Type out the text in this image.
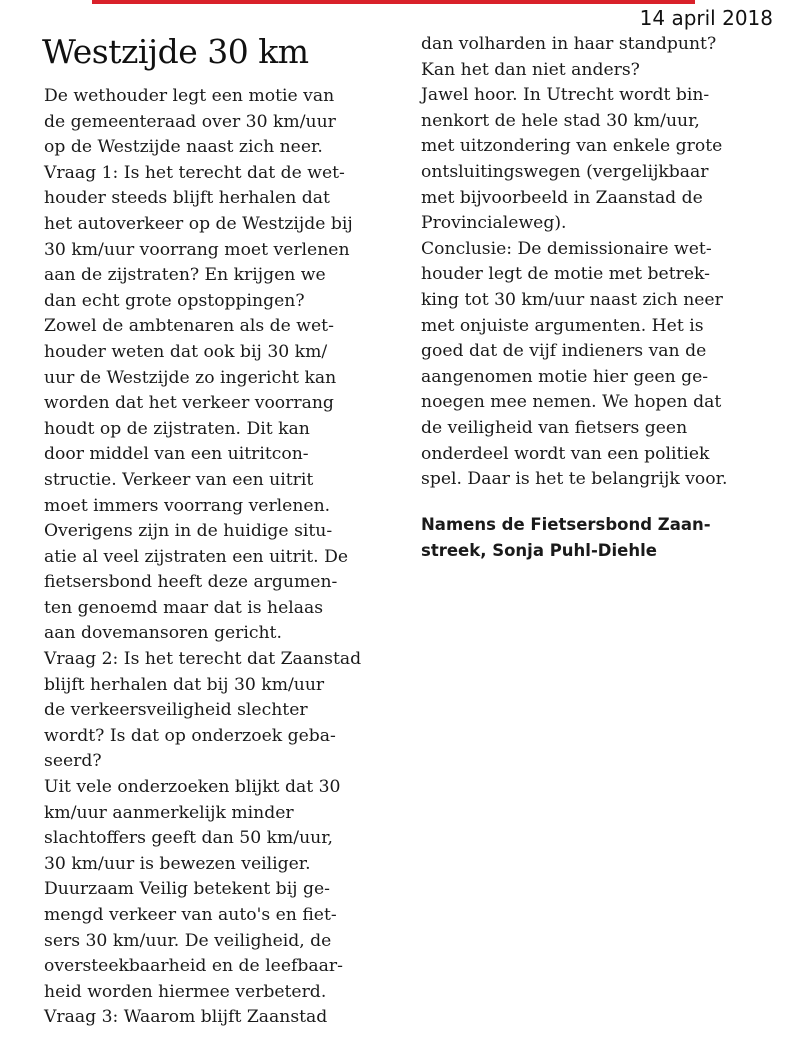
14 april 2018
Westzijde 30 km
De wethouder legt een motie van
de gemeenteraad over 30 km/uur
op de Westzijde naast zich neer.
Vraag 1: Is het terecht dat de wet-
houder steeds blijft herhalen dat
het autoverkeer op de Westzijde bij
30 km/uur voorrang moet verlenen
aan de zijstraten? En krijgen we
dan echt grote opstoppingen?
Zowel de ambtenaren als de wet-
houder weten dat ook bij 30 km/
uur de Westzijde zo ingericht kan
worden dat het verkeer voorrang
houdt op de zijstraten. Dit kan
door middel van een uitritcon-
structie. Verkeer van een uitrit
moet immers voorrang verlenen.
Overigens zijn in de huidige situ-
atie al veel zijstraten een uitrit. De
fietsersbond heeft deze argumen-
ten genoemd maar dat is helaas
aan dovemansoren gericht.
Vraag 2: Is het terecht dat Zaanstad
blijft herhalen dat bij 30 km/uur
de verkeersveiligheid slechter
wordt? Is dat op onderzoek geba-
seerd?
Uit vele onderzoeken blijkt dat 30
km/uur aanmerkelijk minder
slachtoffers geeft dan 50 km/uur,
30 km/uur is bewezen veiliger.
Duurzaam Veilig betekent bij ge-
mengd verkeer van auto's en fiet-
sers 30 km/uur. De veiligheid, de
oversteekbaarheid en de leefbaar-
heid worden hiermee verbeterd.
Vraag 3: Waarom blijft Zaanstad
dan volharden in haar standpunt?
Kan het dan niet anders?
Jawel hoor. In Utrecht wordt bin-
nenkort de hele stad 30 km/uur,
met uitzondering van enkele grote
ontsluitingswegen (vergelijkbaar
met bijvoorbeeld in Zaanstad de
Provincialeweg).
Conclusie: De demissionaire wet-
houder legt de motie met betrek-
king tot 30 km/uur naast zich neer
met onjuiste argumenten. Het is
goed dat de vijf indieners van de
aangenomen motie hier geen ge-
noegen mee nemen. We hopen dat
de veiligheid van fietsers geen
onderdeel wordt van een politiek
spel. Daar is het te belangrijk voor.
Namens de Fietsersbond Zaan-
streek, Sonja Puhl-Diehle
